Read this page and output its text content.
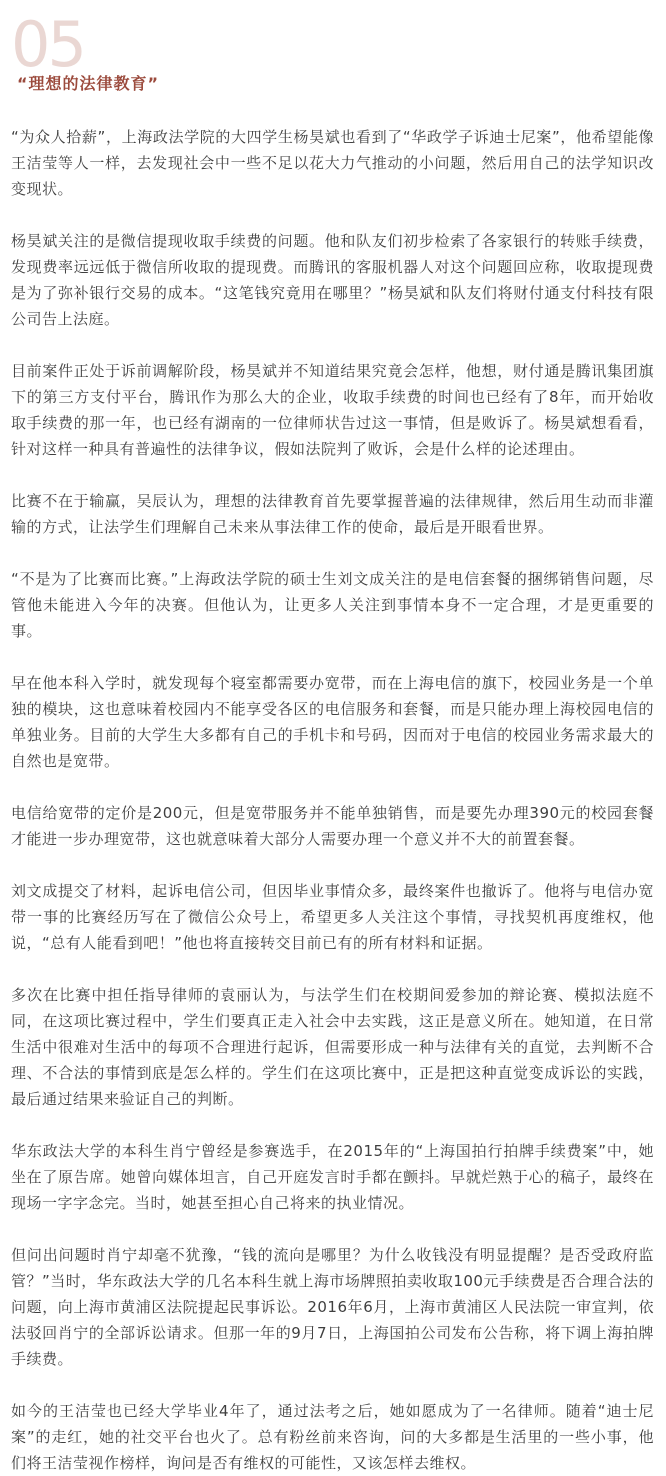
05
“理想的法律教育”

“为众人拾薪”，上海政法学院的大四学生杨昊斌也看到了“华政学子诉迪士尼案”，他希望能像王洁莹等人一样，去发现社会中一些不足以花大力气推动的小问题，然后用自己的法学知识改变现状。

杨昊斌关注的是微信提现收取手续费的问题。他和队友们初步检索了各家银行的转账手续费，发现费率远远低于微信所收取的提现费。而腾讯的客服机器人对这个问题回应称，收取提现费是为了弥补银行交易的成本。“这笔钱究竟用在哪里？”杨昊斌和队友们将财付通支付科技有限公司告上法庭。

目前案件正处于诉前调解阶段，杨昊斌并不知道结果究竟会怎样，他想，财付通是腾讯集团旗下的第三方支付平台，腾讯作为那么大的企业，收取手续费的时间也已经有了8年，而开始收取手续费的那一年，也已经有湖南的一位律师状告过这一事情，但是败诉了。杨昊斌想看看，针对这样一种具有普遍性的法律争议，假如法院判了败诉，会是什么样的论述理由。

比赛不在于输赢，吴辰认为，理想的法律教育首先要掌握普遍的法律规律，然后用生动而非灌输的方式，让法学生们理解自己未来从事法律工作的使命，最后是开眼看世界。

“不是为了比赛而比赛。”上海政法学院的硕士生刘文成关注的是电信套餐的捆绑销售问题，尽管他未能进入今年的决赛。但他认为，让更多人关注到事情本身不一定合理，才是更重要的事。

早在他本科入学时，就发现每个寝室都需要办宽带，而在上海电信的旗下，校园业务是一个单独的模块，这也意味着校园内不能享受各区的电信服务和套餐，而是只能办理上海校园电信的单独业务。目前的大学生大多都有自己的手机卡和号码，因而对于电信的校园业务需求最大的自然也是宽带。

电信给宽带的定价是200元，但是宽带服务并不能单独销售，而是要先办理390元的校园套餐才能进一步办理宽带，这也就意味着大部分人需要办理一个意义并不大的前置套餐。

刘文成提交了材料，起诉电信公司，但因毕业事情众多，最终案件也撤诉了。他将与电信办宽带一事的比赛经历写在了微信公众号上，希望更多人关注这个事情，寻找契机再度维权，他说，“总有人能看到吧！”他也将直接转交目前已有的所有材料和证据。

多次在比赛中担任指导律师的袁丽认为，与法学生们在校期间爱参加的辩论赛、模拟法庭不同，在这项比赛过程中，学生们要真正走入社会中去实践，这正是意义所在。她知道，在日常生活中很难对生活中的每项不合理进行起诉，但需要形成一种与法律有关的直觉，去判断不合理、不合法的事情到底是怎么样的。学生们在这项比赛中，正是把这种直觉变成诉讼的实践，最后通过结果来验证自己的判断。

华东政法大学的本科生肖宁曾经是参赛选手，在2015年的“上海国拍行拍牌手续费案”中，她坐在了原告席。她曾向媒体坦言，自己开庭发言时手都在颤抖。早就烂熟于心的稿子，最终在现场一字字念完。当时，她甚至担心自己将来的执业情况。

但问出问题时肖宁却毫不犹豫，“钱的流向是哪里？为什么收钱没有明显提醒？是否受政府监管？”当时，华东政法大学的几名本科生就上海市场牌照拍卖收取100元手续费是否合理合法的问题，向上海市黄浦区法院提起民事诉讼。2016年6月，上海市黄浦区人民法院一审宣判，依法驳回肖宁的全部诉讼请求。但那一年的9月7日，上海国拍公司发布公告称，将下调上海拍牌手续费。

如今的王洁莹也已经大学毕业4年了，通过法考之后，她如愿成为了一名律师。随着“迪士尼案”的走红，她的社交平台也火了。总有粉丝前来咨询，问的大多都是生活里的一些小事，他们将王洁莹视作榜样，询问是否有维权的可能性，又该怎样去维权。
